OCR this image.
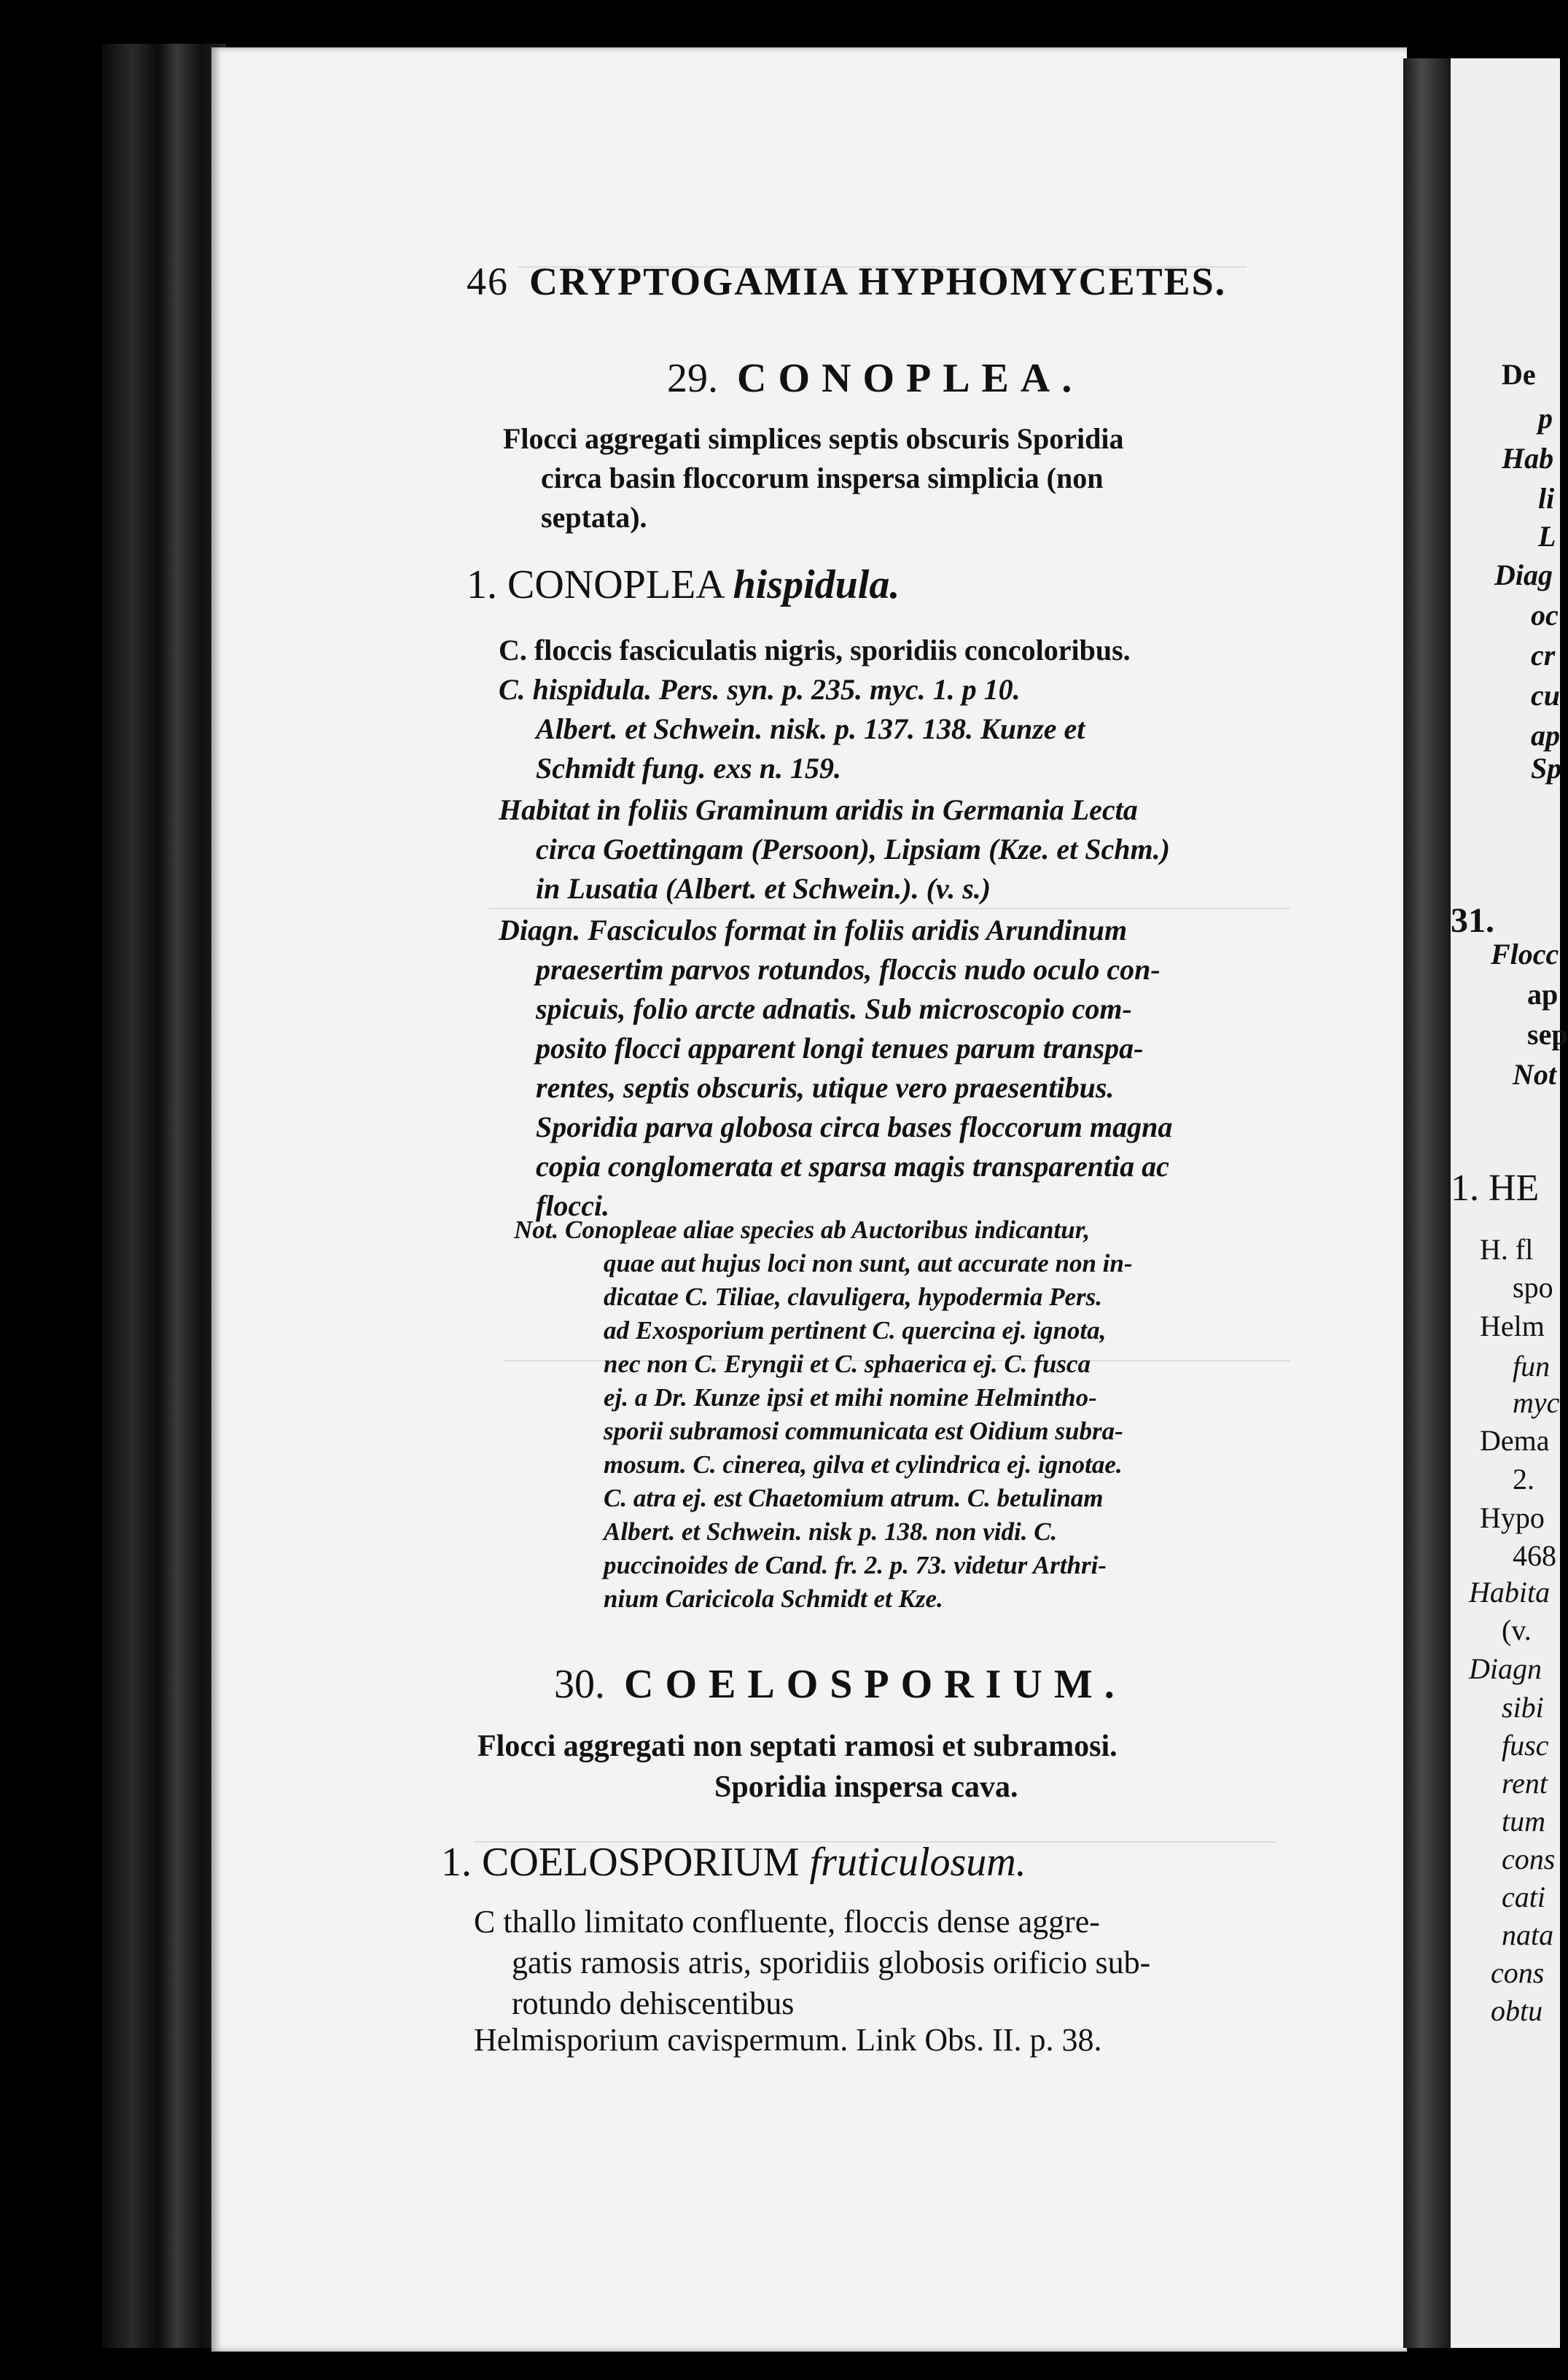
46 CRYPTOGAMIA HYPHOMYCETES.
29. CONOPLEA.
Flocci aggregati simplices septis obscuris Sporidia
circa basin floccorum inspersa simplicia (non
septata).
1. CONOPLEA hispidula.
C. floccis fasciculatis nigris, sporidiis concoloribus.
C. hispidula. Pers. syn. p. 235. myc. 1. p 10.
Albert. et Schwein. nisk. p. 137. 138. Kunze et
Schmidt fung. exs n. 159.
Habitat in foliis Graminum aridis in Germania Lecta
circa Goettingam (Persoon), Lipsiam (Kze. et Schm.)
in Lusatia (Albert. et Schwein.). (v. s.)
Diagn. Fasciculos format in foliis aridis Arundinum
praesertim parvos rotundos, floccis nudo oculo con-
spicuis, folio arcte adnatis. Sub microscopio com-
posito flocci apparent longi tenues parum transpa-
rentes, septis obscuris, utique vero praesentibus.
Sporidia parva globosa circa bases floccorum magna
copia conglomerata et sparsa magis transparentia ac
flocci.
Not. Conopleae aliae species ab Auctoribus indicantur,
quae aut hujus loci non sunt, aut accurate non in-
dicatae C. Tiliae, clavuligera, hypodermia Pers.
ad Exosporium pertinent C. quercina ej. ignota,
nec non C. Eryngii et C. sphaerica ej. C. fusca
ej. a Dr. Kunze ipsi et mihi nomine Helmintho-
sporii subramosi communicata est Oidium subra-
mosum. C. cinerea, gilva et cylindrica ej. ignotae.
C. atra ej. est Chaetomium atrum. C. betulinam
Albert. et Schwein. nisk p. 138. non vidi. C.
puccinoides de Cand. fr. 2. p. 73. videtur Arthri-
nium Caricicola Schmidt et Kze.
30. COELOSPORIUM.
Flocci aggregati non septati ramosi et subramosi.
Sporidia inspersa cava.
1. COELOSPORIUM fruticulosum.
C thallo limitato confluente, floccis dense aggre-
gatis ramosis atris, sporidiis globosis orificio sub-
rotundo dehiscentibus
Helmisporium cavispermum. Link Obs. II. p. 38.
De
p
Hab
li
L
Diag
oc
cr
cu
ap
Sp
31.
Flocc
ap
sep
Not
1. HE
H. fl
spo
Helm
fun
myc
Dema
2.
Hypo
468
Habita
(v.
Diagn
sibi
fusc
rent
tum
cons
cati
nata
cons
obtu
